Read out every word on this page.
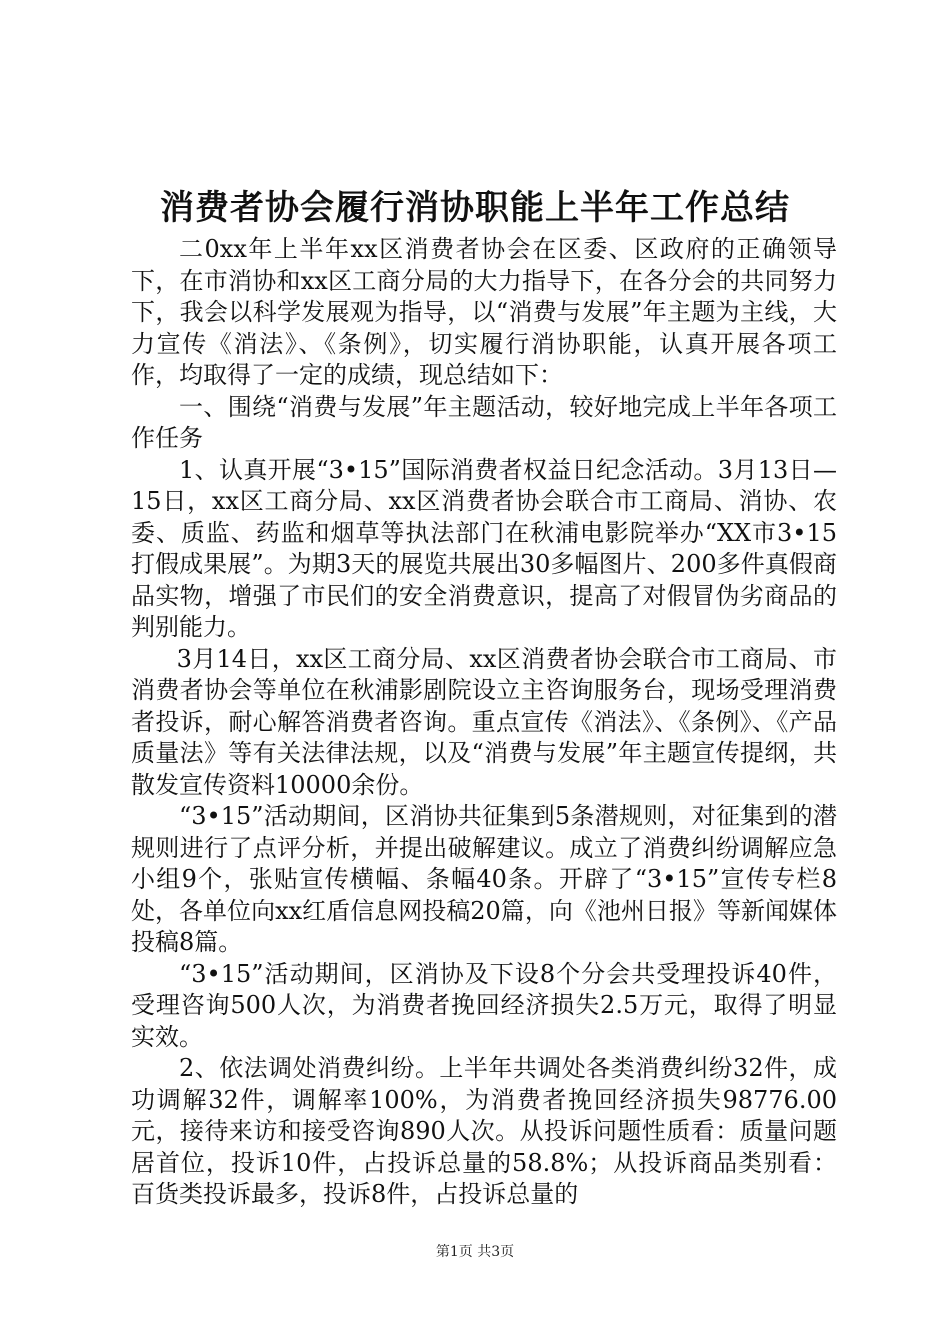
消费者协会履行消协职能上半年工作总结

二0xx年上半年xx区消费者协会在区委、区政府的正确领导下，在市消协和xx区工商分局的大力指导下，在各分会的共同努力下，我会以科学发展观为指导，以“消费与发展”年主题为主线，大力宣传《消法》、《条例》，切实履行消协职能，认真开展各项工作，均取得了一定的成绩，现总结如下：

一、围绕“消费与发展”年主题活动，较好地完成上半年各项工作任务

1、认真开展“3•15”国际消费者权益日纪念活动。3月13日—15日，xx区工商分局、xx区消费者协会联合市工商局、消协、农委、质监、药监和烟草等执法部门在秋浦电影院举办“XX市3•15打假成果展”。为期3天的展览共展出30多幅图片、200多件真假商品实物，增强了市民们的安全消费意识，提高了对假冒伪劣商品的判别能力。

3月14日，xx区工商分局、xx区消费者协会联合市工商局、市消费者协会等单位在秋浦影剧院设立主咨询服务台，现场受理消费者投诉，耐心解答消费者咨询。重点宣传《消法》、《条例》、《产品质量法》等有关法律法规，以及“消费与发展”年主题宣传提纲，共散发宣传资料10000余份。

“3•15”活动期间，区消协共征集到5条潜规则，对征集到的潜规则进行了点评分析，并提出破解建议。成立了消费纠纷调解应急小组9个，张贴宣传横幅、条幅40条。开辟了“3•15”宣传专栏8处，各单位向xx红盾信息网投稿20篇，向《池州日报》等新闻媒体投稿8篇。

“3•15”活动期间，区消协及下设8个分会共受理投诉40件，受理咨询500人次，为消费者挽回经济损失2.5万元，取得了明显实效。

2、依法调处消费纠纷。上半年共调处各类消费纠纷32件，成功调解32件，调解率100%，为消费者挽回经济损失98776.00元，接待来访和接受咨询890人次。从投诉问题性质看：质量问题居首位，投诉10件，占投诉总量的58.8%；从投诉商品类别看：百货类投诉最多，投诉8件，占投诉总量的

第1页 共3页
